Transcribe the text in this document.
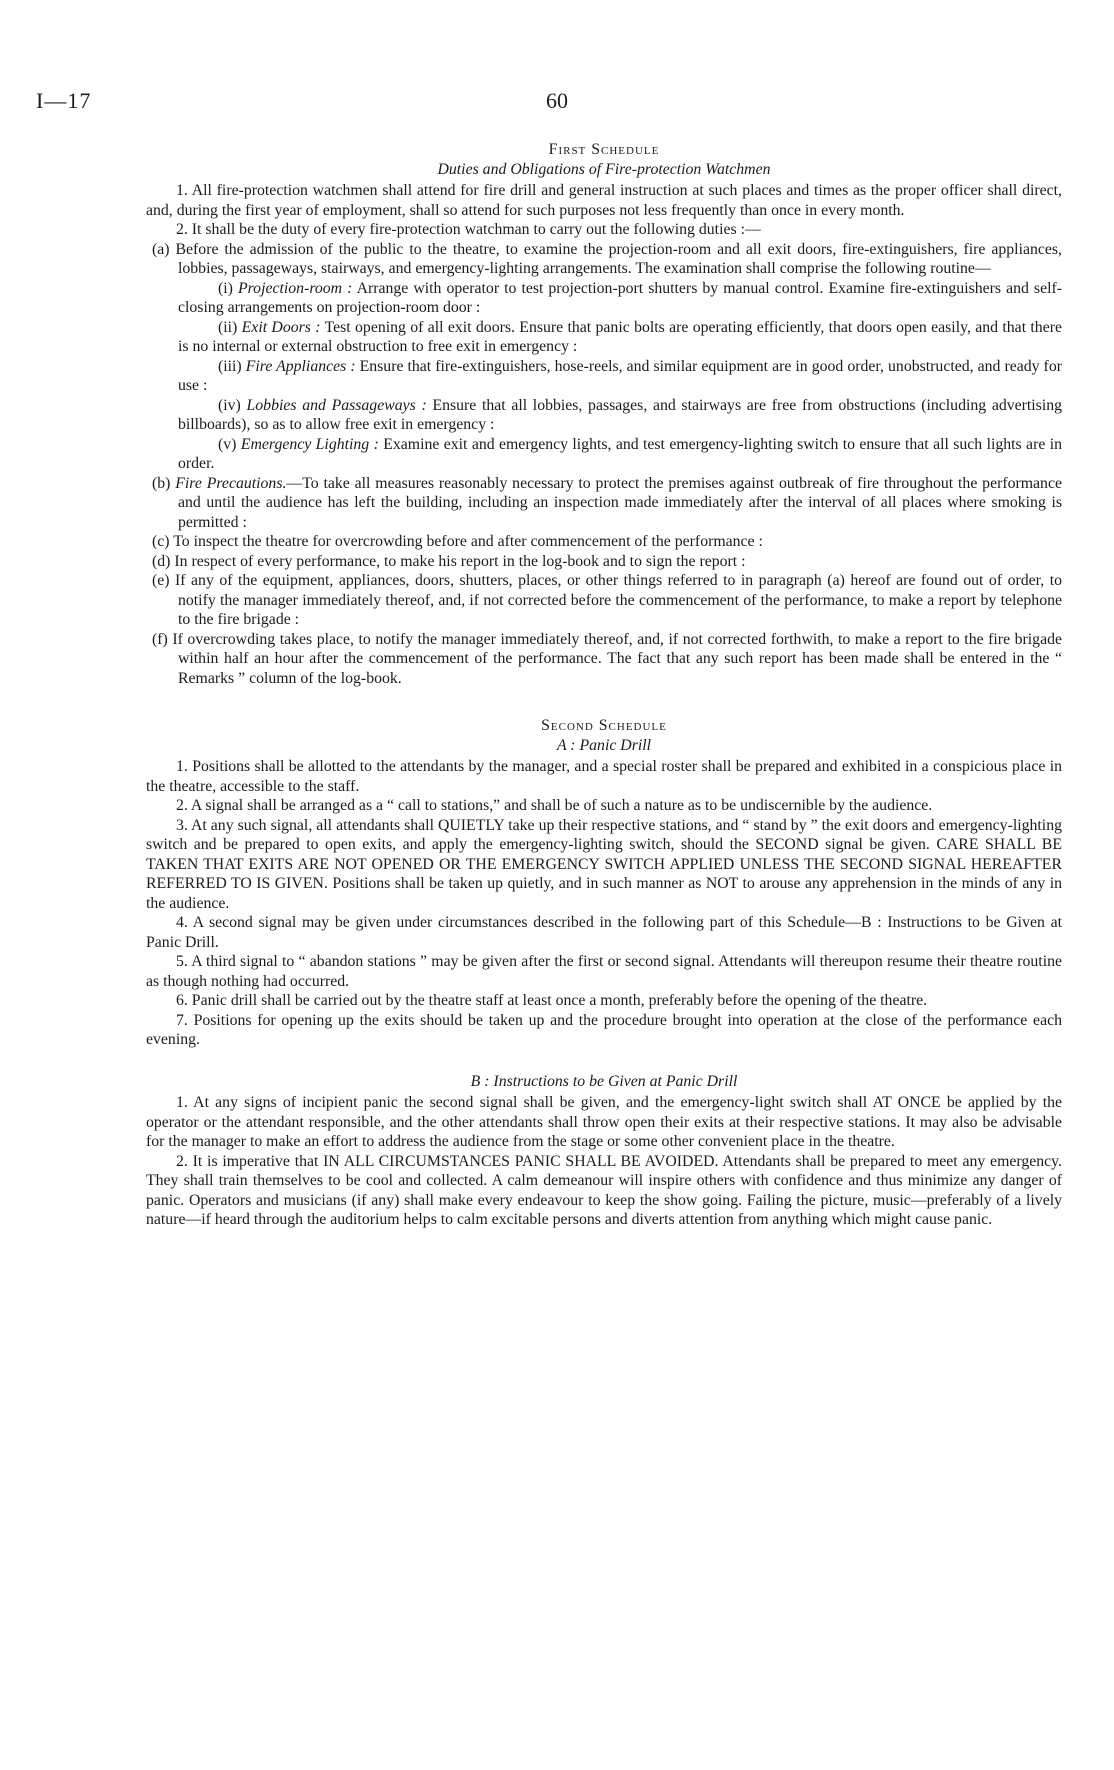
I—17	60

First Schedule

Duties and Obligations of Fire-protection Watchmen

1. All fire-protection watchmen shall attend for fire drill and general instruction at such places and times as the proper officer shall direct, and, during the first year of employment, shall so attend for such purposes not less frequently than once in every month.

2. It shall be the duty of every fire-protection watchman to carry out the following duties :—

(a) Before the admission of the public to the theatre, to examine the projection-room and all exit doors, fire-extinguishers, fire appliances, lobbies, passageways, stairways, and emergency-lighting arrangements. The examination shall comprise the following routine—

(i) Projection-room : Arrange with operator to test projection-port shutters by manual control. Examine fire-extinguishers and self-closing arrangements on projection-room door :

(ii) Exit Doors : Test opening of all exit doors. Ensure that panic bolts are operating efficiently, that doors open easily, and that there is no internal or external obstruction to free exit in emergency :

(iii) Fire Appliances : Ensure that fire-extinguishers, hose-reels, and similar equipment are in good order, unobstructed, and ready for use :

(iv) Lobbies and Passageways : Ensure that all lobbies, passages, and stairways are free from obstructions (including advertising billboards), so as to allow free exit in emergency :

(v) Emergency Lighting : Examine exit and emergency lights, and test emergency-lighting switch to ensure that all such lights are in order.

(b) Fire Precautions.—To take all measures reasonably necessary to protect the premises against outbreak of fire throughout the performance and until the audience has left the building, including an inspection made immediately after the interval of all places where smoking is permitted :

(c) To inspect the theatre for overcrowding before and after commencement of the performance :

(d) In respect of every performance, to make his report in the log-book and to sign the report :

(e) If any of the equipment, appliances, doors, shutters, places, or other things referred to in paragraph (a) hereof are found out of order, to notify the manager immediately thereof, and, if not corrected before the commencement of the performance, to make a report by telephone to the fire brigade :

(f) If overcrowding takes place, to notify the manager immediately thereof, and, if not corrected forthwith, to make a report to the fire brigade within half an hour after the commencement of the performance. The fact that any such report has been made shall be entered in the “ Remarks ” column of the log-book.

Second Schedule

A : Panic Drill

1. Positions shall be allotted to the attendants by the manager, and a special roster shall be prepared and exhibited in a conspicious place in the theatre, accessible to the staff.

2. A signal shall be arranged as a “ call to stations,” and shall be of such a nature as to be undiscernible by the audience.

3. At any such signal, all attendants shall QUIETLY take up their respective stations, and “ stand by ” the exit doors and emergency-lighting switch and be prepared to open exits, and apply the emergency-lighting switch, should the SECOND signal be given. CARE SHALL BE TAKEN THAT EXITS ARE NOT OPENED OR THE EMERGENCY SWITCH APPLIED UNLESS THE SECOND SIGNAL HEREAFTER REFERRED TO IS GIVEN. Positions shall be taken up quietly, and in such manner as NOT to arouse any apprehension in the minds of any in the audience.

4. A second signal may be given under circumstances described in the following part of this Schedule—B : Instructions to be Given at Panic Drill.

5. A third signal to “ abandon stations ” may be given after the first or second signal. Attendants will thereupon resume their theatre routine as though nothing had occurred.

6. Panic drill shall be carried out by the theatre staff at least once a month, preferably before the opening of the theatre.

7. Positions for opening up the exits should be taken up and the procedure brought into operation at the close of the performance each evening.

B : Instructions to be Given at Panic Drill

1. At any signs of incipient panic the second signal shall be given, and the emergency-light switch shall AT ONCE be applied by the operator or the attendant responsible, and the other attendants shall throw open their exits at their respective stations. It may also be advisable for the manager to make an effort to address the audience from the stage or some other convenient place in the theatre.

2. It is imperative that IN ALL CIRCUMSTANCES PANIC SHALL BE AVOIDED. Attendants shall be prepared to meet any emergency. They shall train themselves to be cool and collected. A calm demeanour will inspire others with confidence and thus minimize any danger of panic. Operators and musicians (if any) shall make every endeavour to keep the show going. Failing the picture, music—preferably of a lively nature—if heard through the auditorium helps to calm excitable persons and diverts attention from anything which might cause panic.
